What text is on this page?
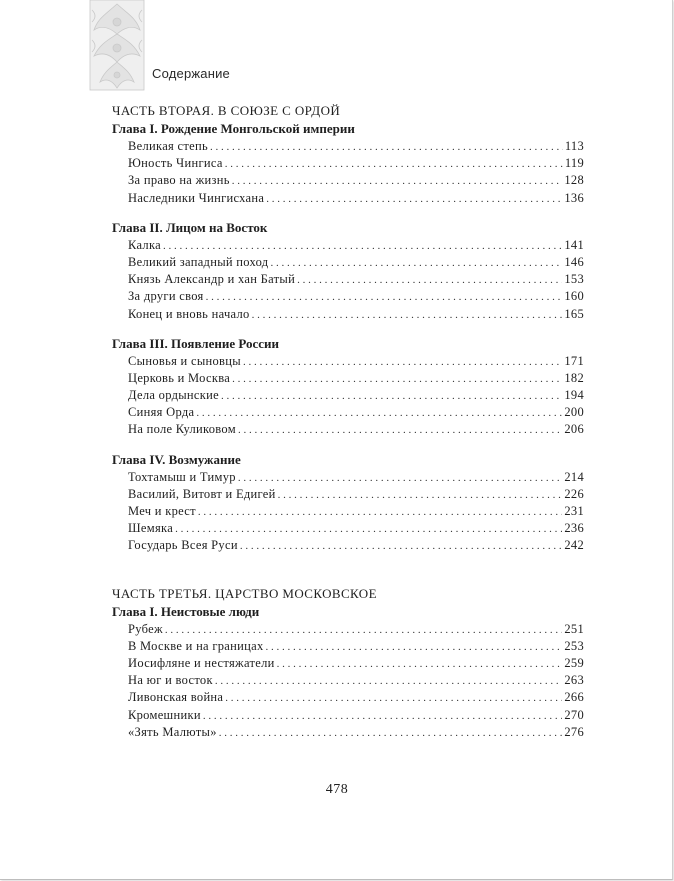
Содержание
ЧАСТЬ ВТОРАЯ. В СОЮЗЕ С ОРДОЙ
Глава I. Рождение Монгольской империи
Великая степь . . .	113
Юность Чингиса . . .	119
За право на жизнь . . .	128
Наследники Чингисхана . . .	136
Глава II. Лицом на Восток
Калка . . .	141
Великий западный поход . . .	146
Князь Александр и хан Батый . . .	153
За други своя . . .	160
Конец и вновь начало . . .	165
Глава III. Появление России
Сыновья и сыновцы . . .	171
Церковь и Москва . . .	182
Дела ордынские . . .	194
Синяя Орда . . .	200
На поле Куликовом . . .	206
Глава IV. Возмужание
Тохтамыш и Тимур . . .	214
Василий, Витовт и Едигей . . .	226
Меч и крест . . .	231
Шемяка . . .	236
Государь Всея Руси . . .	242
ЧАСТЬ ТРЕТЬЯ. ЦАРСТВО МОСКОВСКОЕ
Глава I. Неистовые люди
Рубеж . . .	251
В Москве и на границах . . .	253
Иосифляне и нестяжатели . . .	259
На юг и восток . . .	263
Ливонская война . . .	266
Кромешники . . .	270
«Зять Малюты» . . .	276
478
